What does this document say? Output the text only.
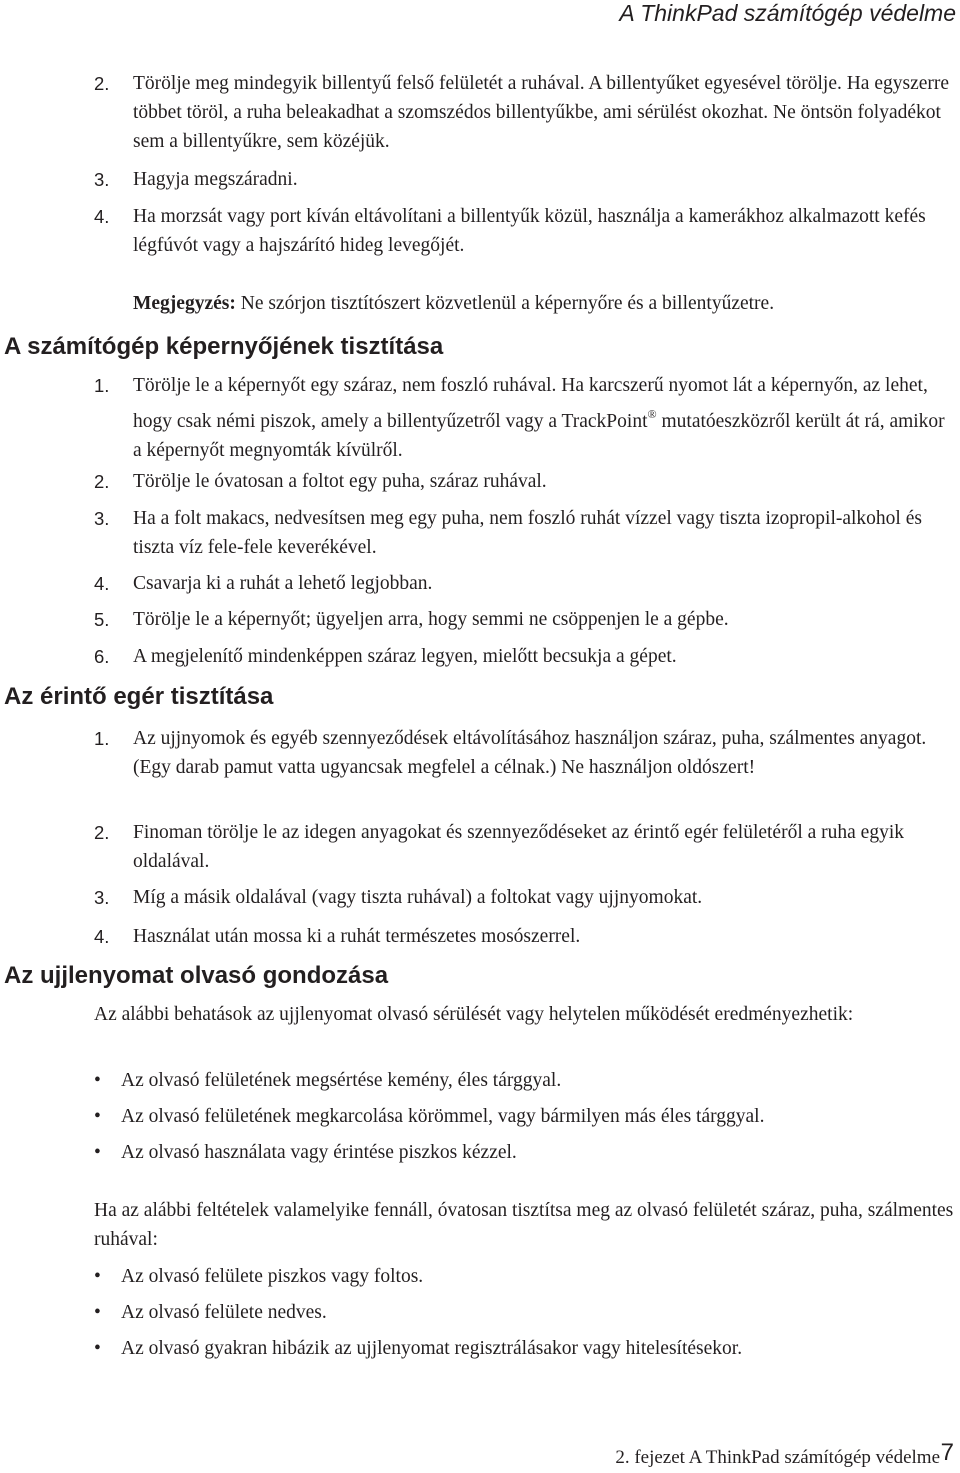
A ThinkPad számítógép védelme
2. Törölje meg mindegyik billentyű felső felületét a ruhával. A billentyűket egyesével törölje. Ha egyszerre többet töröl, a ruha beleakadhat a szomszédos billentyűkbe, ami sérülést okozhat. Ne öntsön folyadékot sem a billentyűkre, sem közéjük.
3. Hagyja megszáradni.
4. Ha morzsát vagy port kíván eltávolítani a billentyűk közül, használja a kamerákhoz alkalmazott kefés légfúvót vagy a hajszárító hideg levegőjét.
Megjegyzés: Ne szórjon tisztítószert közvetlenül a képernyőre és a billentyűzetre.
A számítógép képernyőjének tisztítása
1. Törölje le a képernyőt egy száraz, nem foszló ruhával. Ha karcszerű nyomot lát a képernyőn, az lehet, hogy csak némi piszok, amely a billentyűzetről vagy a TrackPoint® mutatóeszközről került át rá, amikor a képernyőt megnyomták kívülről.
2. Törölje le óvatosan a foltot egy puha, száraz ruhával.
3. Ha a folt makacs, nedvesítsen meg egy puha, nem foszló ruhát vízzel vagy tiszta izopropil-alkohol és tiszta víz fele-fele keverékével.
4. Csavarja ki a ruhát a lehető legjobban.
5. Törölje le a képernyőt; ügyeljen arra, hogy semmi ne csöppenjen le a gépbe.
6. A megjelenítő mindenképpen száraz legyen, mielőtt becsukja a gépet.
Az érintő egér tisztítása
1. Az ujjnyomok és egyéb szennyeződések eltávolításához használjon száraz, puha, szálmentes anyagot. (Egy darab pamut vatta ugyancsak megfelel a célnak.) Ne használjon oldószert!
2. Finoman törölje le az idegen anyagokat és szennyeződéseket az érintő egér felületéről a ruha egyik oldalával.
3. Míg a másik oldalával (vagy tiszta ruhával) a foltokat vagy ujjnyomokat.
4. Használat után mossa ki a ruhát természetes mosószerrel.
Az ujjlenyomat olvasó gondozása
Az alábbi behatások az ujjlenyomat olvasó sérülését vagy helytelen működését eredményezhetik:
• Az olvasó felületének megsértése kemény, éles tárggyal.
• Az olvasó felületének megkarcolása körömmel, vagy bármilyen más éles tárggyal.
• Az olvasó használata vagy érintése piszkos kézzel.
Ha az alábbi feltételek valamelyike fennáll, óvatosan tisztítsa meg az olvasó felületét száraz, puha, szálmentes ruhával:
• Az olvasó felülete piszkos vagy foltos.
• Az olvasó felülete nedves.
• Az olvasó gyakran hibázik az ujjlenyomat regisztrálásakor vagy hitelesítésekor.
2. fejezet A ThinkPad számítógép védelme 7
